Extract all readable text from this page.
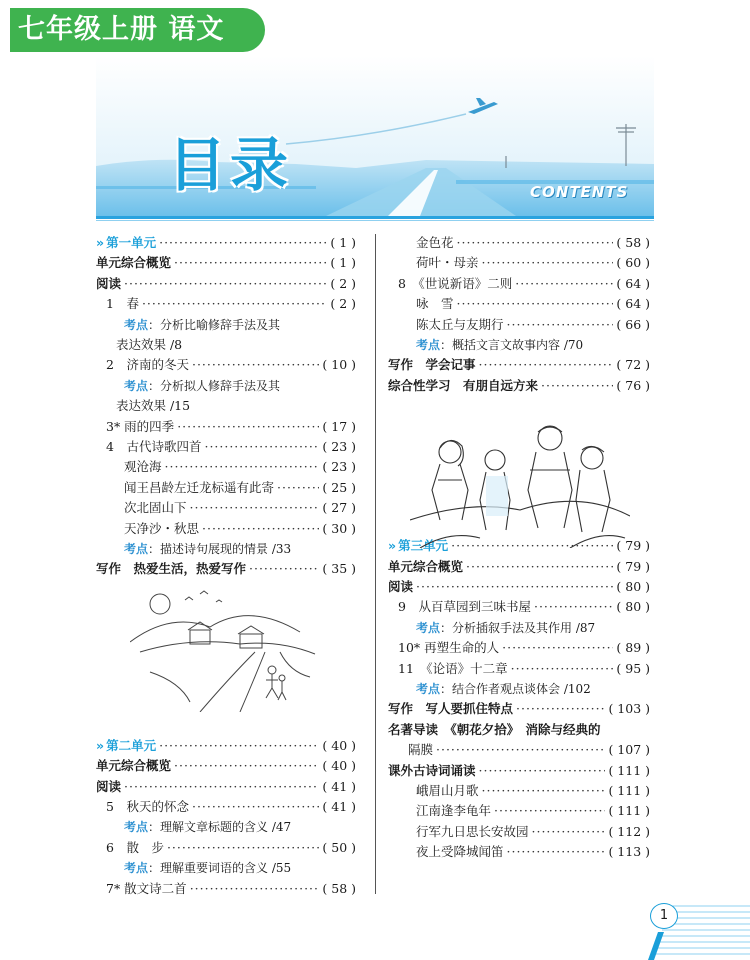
七年级上册 语文
目录	CONTENTS
» 第一单元 ·····	( 1 )
单元综合概览 ·····	( 1 )
阅读 ·····	( 2 )
1　春 ·····	( 2 )
考点：分析比喻修辞手法及其
表达效果 /8
2　济南的冬天 ·····	( 10 )
考点：分析拟人修辞手法及其
表达效果 /15
3* 雨的四季 ·····	( 17 )
4　古代诗歌四首 ·····	( 23 )
观沧海 ·····	( 23 )
闻王昌龄左迁龙标遥有此寄 ·····	( 25 )
次北固山下 ·····	( 27 )
天净沙・秋思 ·····	( 30 )
考点：描述诗句展现的情景 /33
写作　热爱生活，热爱写作 ·····	( 35 )
» 第二单元 ·····	( 40 )
单元综合概览 ·····	( 40 )
阅读 ·····	( 41 )
5　秋天的怀念 ·····	( 41 )
考点：理解文章标题的含义 /47
6　散　步 ·····	( 50 )
考点：理解重要词语的含义 /55
7* 散文诗二首 ·····	( 58 )
金色花 ·····	( 58 )
荷叶・母亲 ·····	( 60 )
8　《世说新语》二则 ·····	( 64 )
咏　雪 ·····	( 64 )
陈太丘与友期行 ·····	( 66 )
考点：概括文言文故事内容 /70
写作　学会记事 ·····	( 72 )
综合性学习　有朋自远方来 ·····	( 76 )
» 第三单元 ·····	( 79 )
单元综合概览 ·····	( 79 )
阅读 ·····	( 80 )
9　从百草园到三味书屋 ·····	( 80 )
考点：分析插叙手法及其作用 /87
10* 再塑生命的人 ·····	( 89 )
11　《论语》十二章 ·····	( 95 )
考点：结合作者观点谈体会 /102
写作　写人要抓住特点 ·····	( 103 )
名著导读　《朝花夕拾》　消除与经典的
隔膜 ·····	( 107 )
课外古诗词诵读 ·····	( 111 )
峨眉山月歌 ·····	( 111 )
江南逢李龟年 ·····	( 111 )
行军九日思长安故园 ·····	( 112 )
夜上受降城闻笛 ·····	( 113 )
1
